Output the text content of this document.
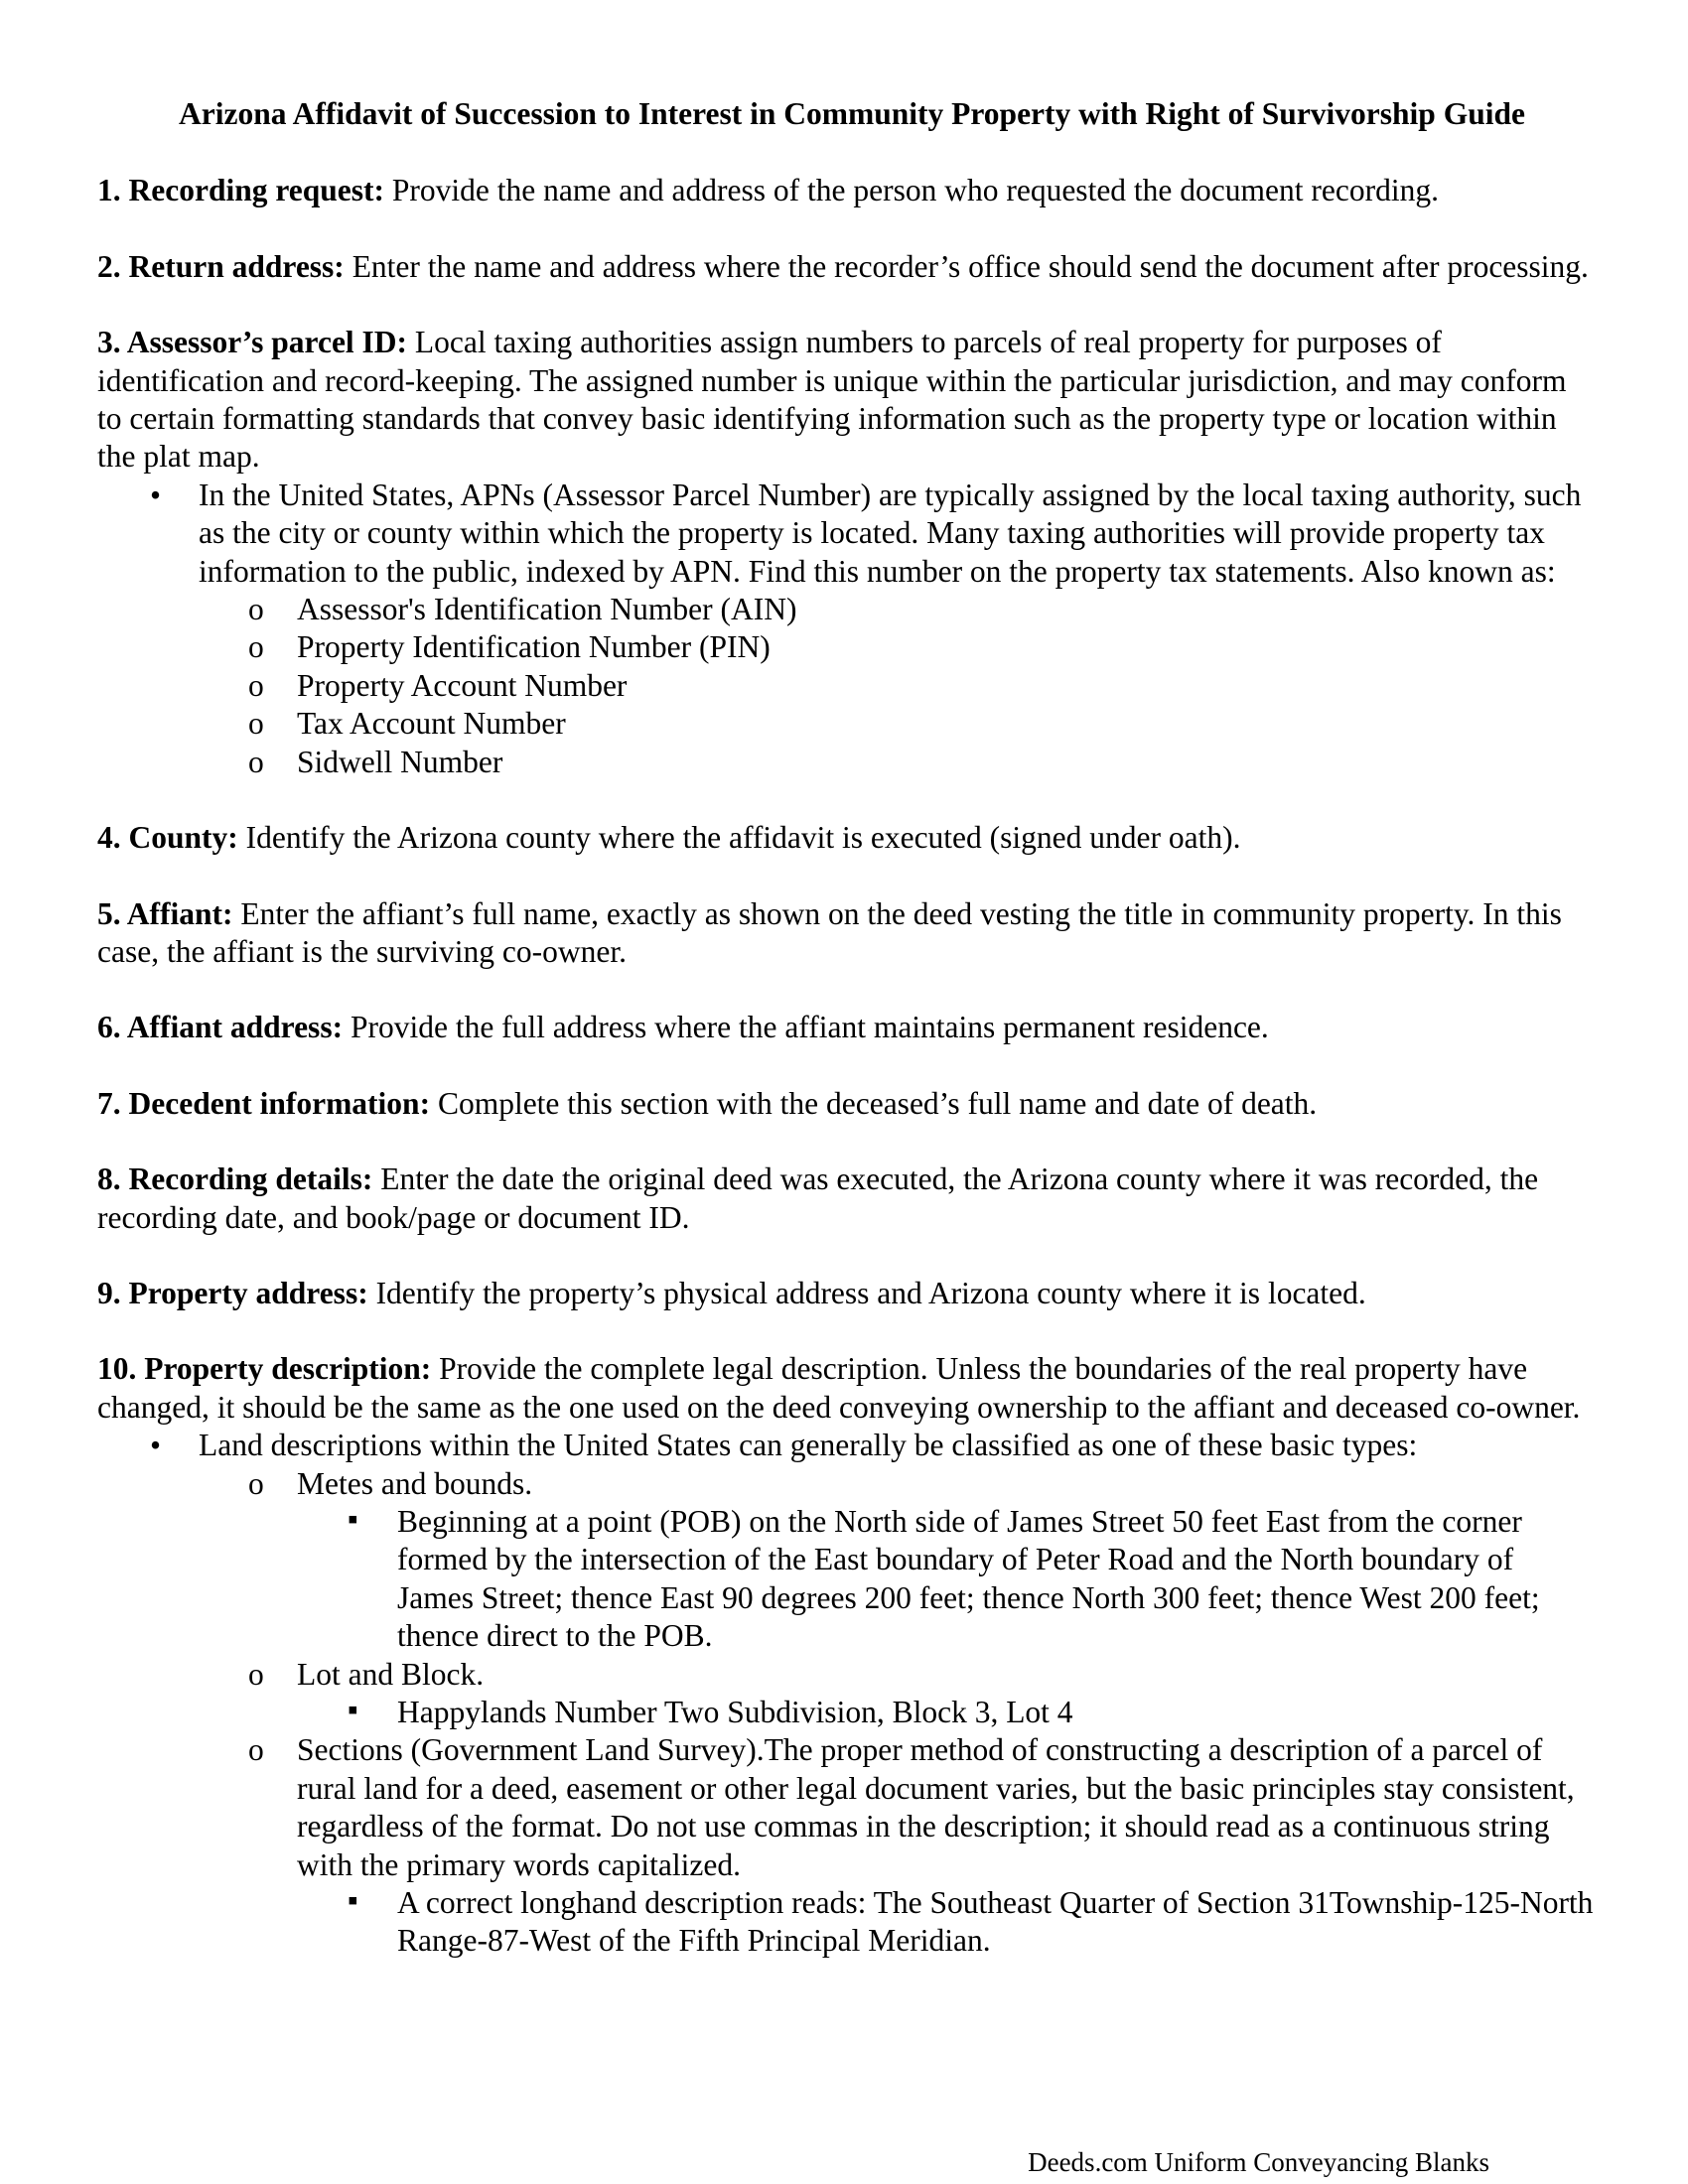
Arizona Affidavit of Succession to Interest in Community Property with Right of Survivorship Guide
1. Recording request: Provide the name and address of the person who requested the document recording.
2. Return address: Enter the name and address where the recorder’s office should send the document after processing.
3. Assessor’s parcel ID: Local taxing authorities assign numbers to parcels of real property for purposes of identification and record-keeping. The assigned number is unique within the particular jurisdiction, and may conform to certain formatting standards that convey basic identifying information such as the property type or location within the plat map.
• In the United States, APNs (Assessor Parcel Number) are typically assigned by the local taxing authority, such as the city or county within which the property is located. Many taxing authorities will provide property tax information to the public, indexed by APN. Find this number on the property tax statements. Also known as:
o Assessor's Identification Number (AIN)
o Property Identification Number (PIN)
o Property Account Number
o Tax Account Number
o Sidwell Number
4. County: Identify the Arizona county where the affidavit is executed (signed under oath).
5. Affiant: Enter the affiant’s full name, exactly as shown on the deed vesting the title in community property. In this case, the affiant is the surviving co-owner.
6. Affiant address: Provide the full address where the affiant maintains permanent residence.
7. Decedent information: Complete this section with the deceased’s full name and date of death.
8. Recording details: Enter the date the original deed was executed, the Arizona county where it was recorded, the recording date, and book/page or document ID.
9. Property address: Identify the property’s physical address and Arizona county where it is located.
10. Property description: Provide the complete legal description. Unless the boundaries of the real property have changed, it should be the same as the one used on the deed conveying ownership to the affiant and deceased co-owner.
• Land descriptions within the United States can generally be classified as one of these basic types:
o Metes and bounds.
▪ Beginning at a point (POB) on the North side of James Street 50 feet East from the corner formed by the intersection of the East boundary of Peter Road and the North boundary of James Street; thence East 90 degrees 200 feet; thence North 300 feet; thence West 200 feet; thence direct to the POB.
o Lot and Block.
▪ Happylands Number Two Subdivision, Block 3, Lot 4
o Sections (Government Land Survey).The proper method of constructing a description of a parcel of rural land for a deed, easement or other legal document varies, but the basic principles stay consistent, regardless of the format. Do not use commas in the description; it should read as a continuous string with the primary words capitalized.
▪ A correct longhand description reads: The Southeast Quarter of Section 31Township-125-North Range-87-West of the Fifth Principal Meridian.
Deeds.com Uniform Conveyancing Blanks
